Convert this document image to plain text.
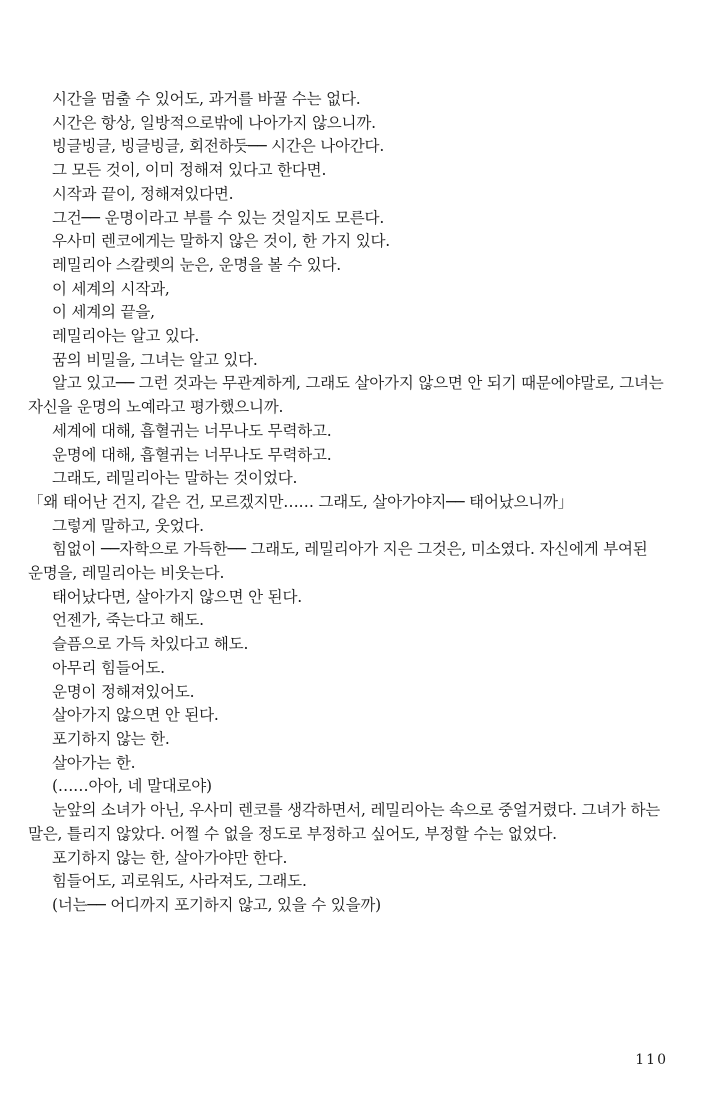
시간을 멈출 수 있어도, 과거를 바꿀 수는 없다.

시간은 항상, 일방적으로밖에 나아가지 않으니까.

빙글빙글, 빙글빙글, 회전하듯── 시간은 나아간다.

그 모든 것이, 이미 정해져 있다고 한다면.

시작과 끝이, 정해져있다면.

그건── 운명이라고 부를 수 있는 것일지도 모른다.

우사미 렌코에게는 말하지 않은 것이, 한 가지 있다.

레밀리아 스칼렛의 눈은, 운명을 볼 수 있다.

이 세계의 시작과,

이 세계의 끝을,

레밀리아는 알고 있다.

꿈의 비밀을, 그녀는 알고 있다.

알고 있고── 그런 것과는 무관계하게, 그래도 살아가지 않으면 안 되기 때문에야말로, 그녀는 자신을 운명의 노예라고 평가했으니까.

세계에 대해, 흡혈귀는 너무나도 무력하고.

운명에 대해, 흡혈귀는 너무나도 무력하고.

그래도, 레밀리아는 말하는 것이었다.

「왜 태어난 건지, 같은 건, 모르겠지만…… 그래도, 살아가야지── 태어났으니까」

그렇게 말하고, 웃었다.

힘없이 ──자학으로 가득한── 그래도, 레밀리아가 지은 그것은, 미소였다. 자신에게 부여된 운명을, 레밀리아는 비웃는다.

태어났다면, 살아가지 않으면 안 된다.

언젠가, 죽는다고 해도.

슬픔으로 가득 차있다고 해도.

아무리 힘들어도.

운명이 정해져있어도.

살아가지 않으면 안 된다.

포기하지 않는 한.

살아가는 한.

(……아아, 네 말대로야)

눈앞의 소녀가 아닌, 우사미 렌코를 생각하면서, 레밀리아는 속으로 중얼거렸다. 그녀가 하는 말은, 틀리지 않았다. 어쩔 수 없을 정도로 부정하고 싶어도, 부정할 수는 없었다.

포기하지 않는 한, 살아가야만 한다.

힘들어도, 괴로워도, 사라져도, 그래도.

(너는── 어디까지 포기하지 않고, 있을 수 있을까)

110
